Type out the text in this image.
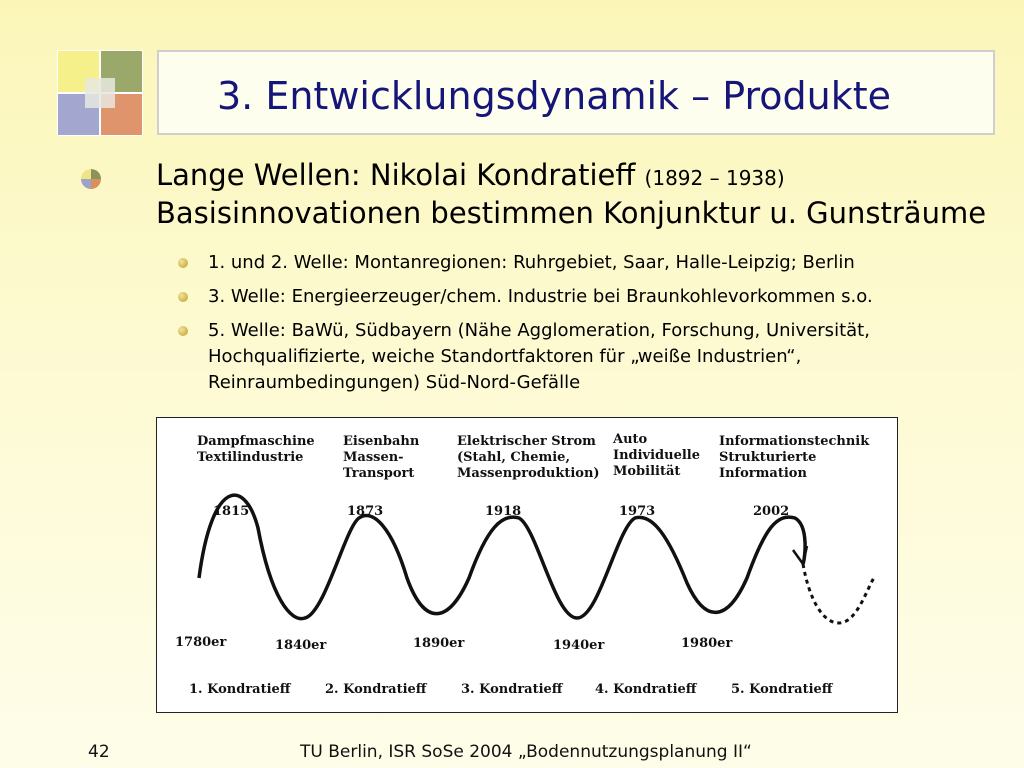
3. Entwicklungsdynamik – Produkte
Lange Wellen: Nikolai Kondratieff (1892 – 1938)
Basisinnovationen bestimmen Konjunktur u. Gunsträume
1. und 2. Welle: Montanregionen: Ruhrgebiet, Saar, Halle-Leipzig; Berlin
3. Welle: Energieerzeuger/chem. Industrie bei Braunkohlevorkommen s.o.
5. Welle: BaWü, Südbayern (Nähe Agglomeration, Forschung, Universität,
Hochqualifizierte, weiche Standortfaktoren für „weiße Industrien“,
Reinraumbedingungen) Süd-Nord-Gefälle
Dampfmaschine
Textilindustrie
Eisenbahn
Massen-
Transport
Elektrischer Strom
(Stahl, Chemie,
Massenproduktion)
Auto
Individuelle
Mobilität
Informationstechnik
Strukturierte
Information
1815	1873	1918	1973	2002
1780er	1840er	1890er	1940er	1980er
1. Kondratieff	2. Kondratieff	3. Kondratieff	4. Kondratieff	5. Kondratieff
42	TU Berlin, ISR SoSe 2004 „Bodennutzungsplanung II“
